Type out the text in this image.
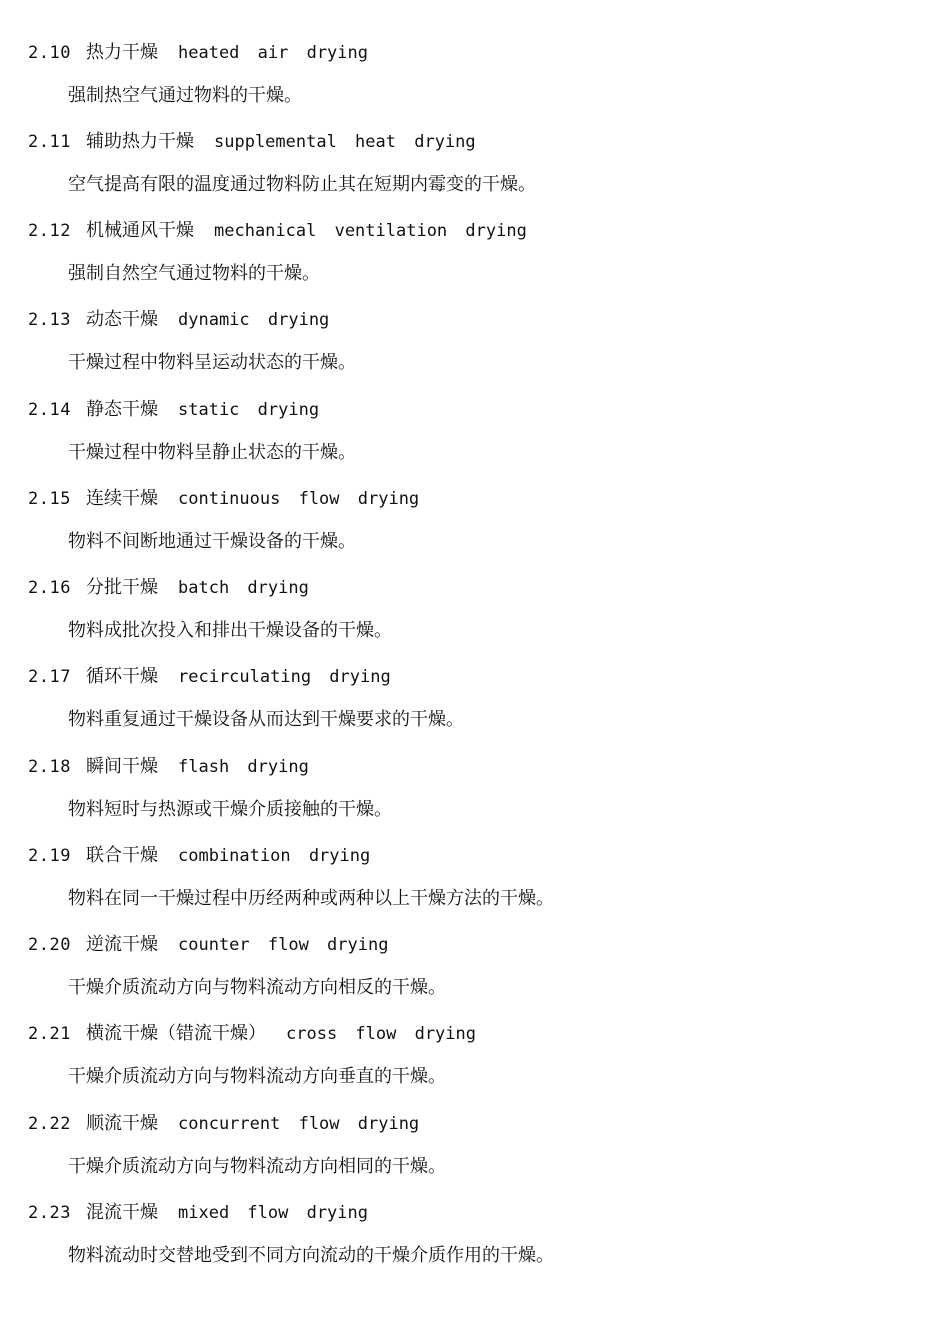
2.10 热力干燥 heated air drying
强制热空气通过物料的干燥。
2.11 辅助热力干燥 supplemental heat drying
空气提高有限的温度通过物料防止其在短期内霉变的干燥。
2.12 机械通风干燥 mechanical ventilation drying
强制自然空气通过物料的干燥。
2.13 动态干燥 dynamic drying
干燥过程中物料呈运动状态的干燥。
2.14 静态干燥 static drying
干燥过程中物料呈静止状态的干燥。
2.15 连续干燥 continuous flow drying
物料不间断地通过干燥设备的干燥。
2.16 分批干燥 batch drying
物料成批次投入和排出干燥设备的干燥。
2.17 循环干燥 recirculating drying
物料重复通过干燥设备从而达到干燥要求的干燥。
2.18 瞬间干燥 flash drying
物料短时与热源或干燥介质接触的干燥。
2.19 联合干燥 combination drying
物料在同一干燥过程中历经两种或两种以上干燥方法的干燥。
2.20 逆流干燥 counter flow drying
干燥介质流动方向与物料流动方向相反的干燥。
2.21 横流干燥（错流干燥） cross flow drying
干燥介质流动方向与物料流动方向垂直的干燥。
2.22 顺流干燥 concurrent flow drying
干燥介质流动方向与物料流动方向相同的干燥。
2.23 混流干燥 mixed flow drying
物料流动时交替地受到不同方向流动的干燥介质作用的干燥。
